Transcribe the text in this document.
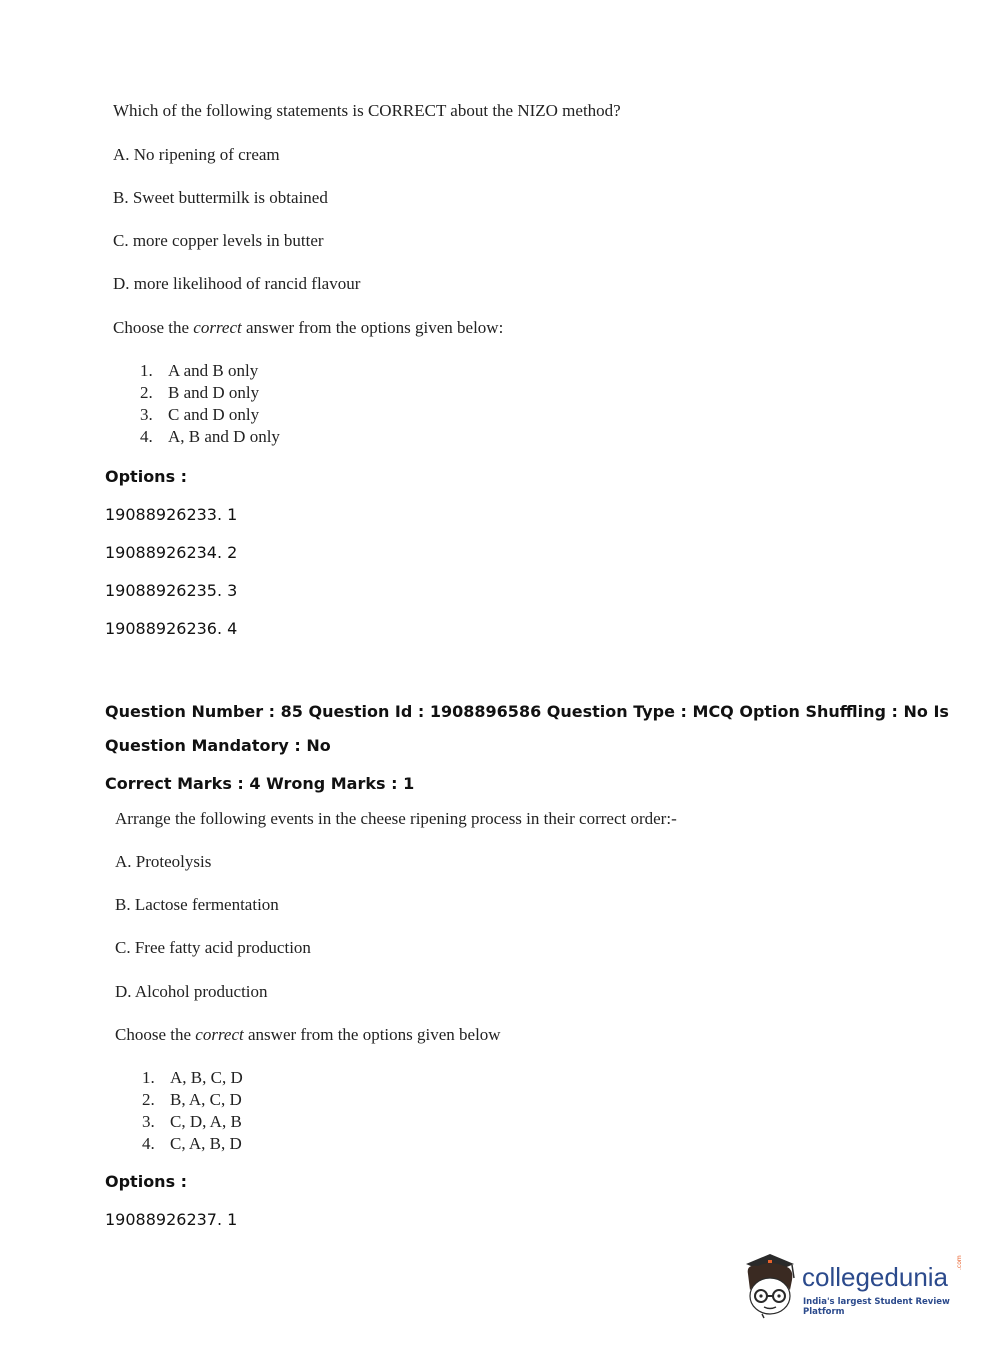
Which of the following statements is CORRECT about the NIZO method?
A. No ripening of cream
B. Sweet buttermilk is obtained
C. more copper levels in butter
D. more likelihood of rancid flavour
Choose the correct answer from the options given below:
1. A and B only
2. B and D only
3. C and D only
4. A, B and D only
Options :
19088926233. 1
19088926234. 2
19088926235. 3
19088926236. 4
Question Number : 85 Question Id : 1908896586 Question Type : MCQ Option Shuffling : No Is
Question Mandatory : No
Correct Marks : 4 Wrong Marks : 1
Arrange the following events in the cheese ripening process in their correct order:-
A. Proteolysis
B. Lactose fermentation
C. Free fatty acid production
D. Alcohol production
Choose the correct answer from the options given below
1. A, B, C, D
2. B, A, C, D
3. C, D, A, B
4. C, A, B, D
Options :
19088926237. 1
collegedunia .com
India's largest Student Review Platform
